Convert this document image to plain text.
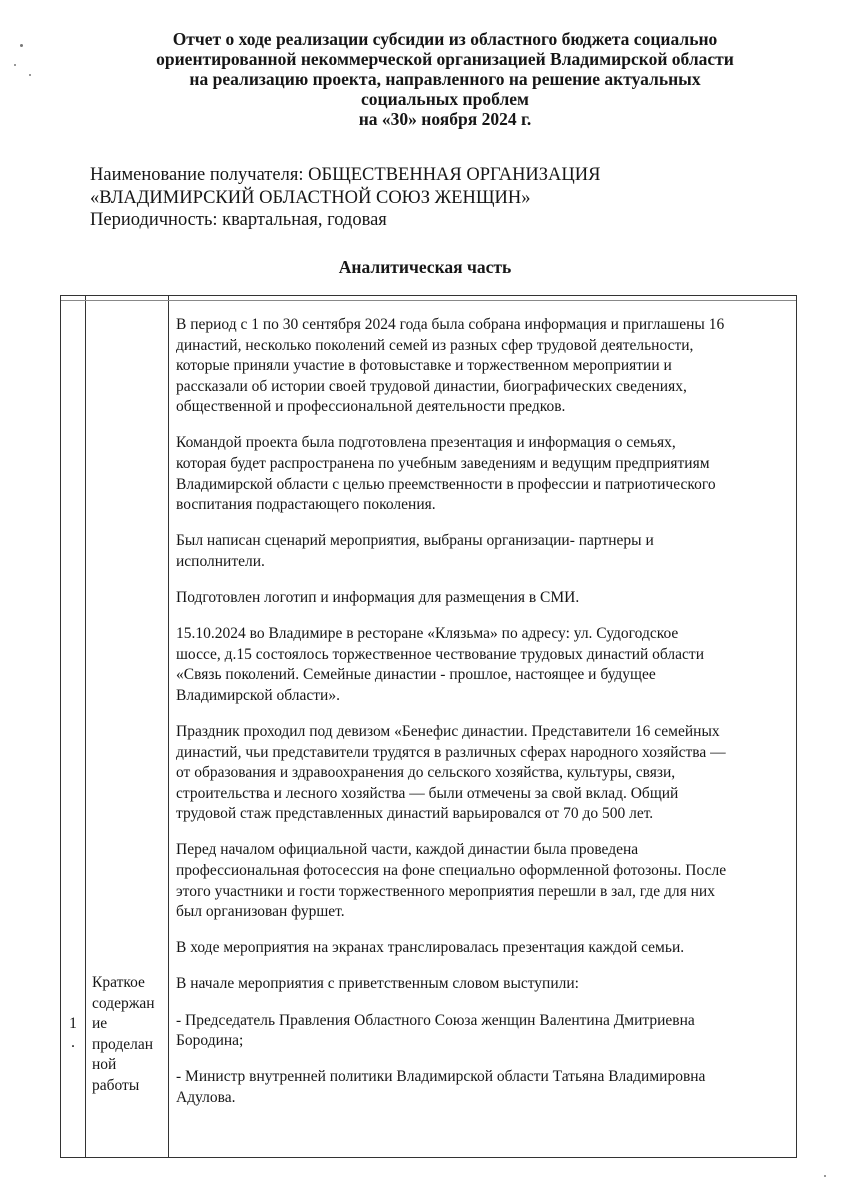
Отчет о ходе реализации субсидии из областного бюджета социально
ориентированной некоммерческой организацией Владимирской области
на реализацию проекта, направленного на решение актуальных
социальных проблем
на «30» ноября 2024 г.
Наименование получателя: ОБЩЕСТВЕННАЯ ОРГАНИЗАЦИЯ
«ВЛАДИМИРСКИЙ ОБЛАСТНОЙ СОЮЗ ЖЕНЩИН»
Периодичность: квартальная, годовая
Аналитическая часть
1
.
Краткое
содержан
ие
проделан
ной
работы

В период с 1 по 30 сентября 2024 года была собрана информация и приглашены 16
династий, несколько поколений семей из разных сфер трудовой деятельности,
которые приняли участие в фотовыставке и торжественном мероприятии и
рассказали об истории своей трудовой династии, биографических сведениях,
общественной и профессиональной деятельности предков.

Командой проекта была подготовлена презентация и информация о семьях,
которая будет распространена по учебным заведениям и ведущим предприятиям
Владимирской области с целью преемственности в профессии и патриотического
воспитания подрастающего поколения.

Был написан сценарий мероприятия, выбраны организации- партнеры и
исполнители.

Подготовлен логотип и информация для размещения в СМИ.

15.10.2024 во Владимире в ресторане «Клязьма» по адресу: ул. Судогодское
шоссе, д.15 состоялось торжественное чествование трудовых династий области
«Связь поколений. Семейные династии - прошлое, настоящее и будущее
Владимирской области».

Праздник проходил под девизом «Бенефис династии. Представители 16 семейных
династий, чьи представители трудятся в различных сферах народного хозяйства —
от образования и здравоохранения до сельского хозяйства, культуры, связи,
строительства и лесного хозяйства — были отмечены за свой вклад. Общий
трудовой стаж представленных династий варьировался от 70 до 500 лет.

Перед началом официальной части, каждой династии была проведена
профессиональная фотосессия на фоне специально оформленной фотозоны. После
этого участники и гости торжественного мероприятия перешли в зал, где для них
был организован фуршет.

В ходе мероприятия на экранах транслировалась презентация каждой семьи.

В начале мероприятия с приветственным словом выступили:

- Председатель Правления Областного Союза женщин Валентина Дмитриевна
Бородина;

- Министр внутренней политики Владимирской области Татьяна Владимировна
Адулова.
